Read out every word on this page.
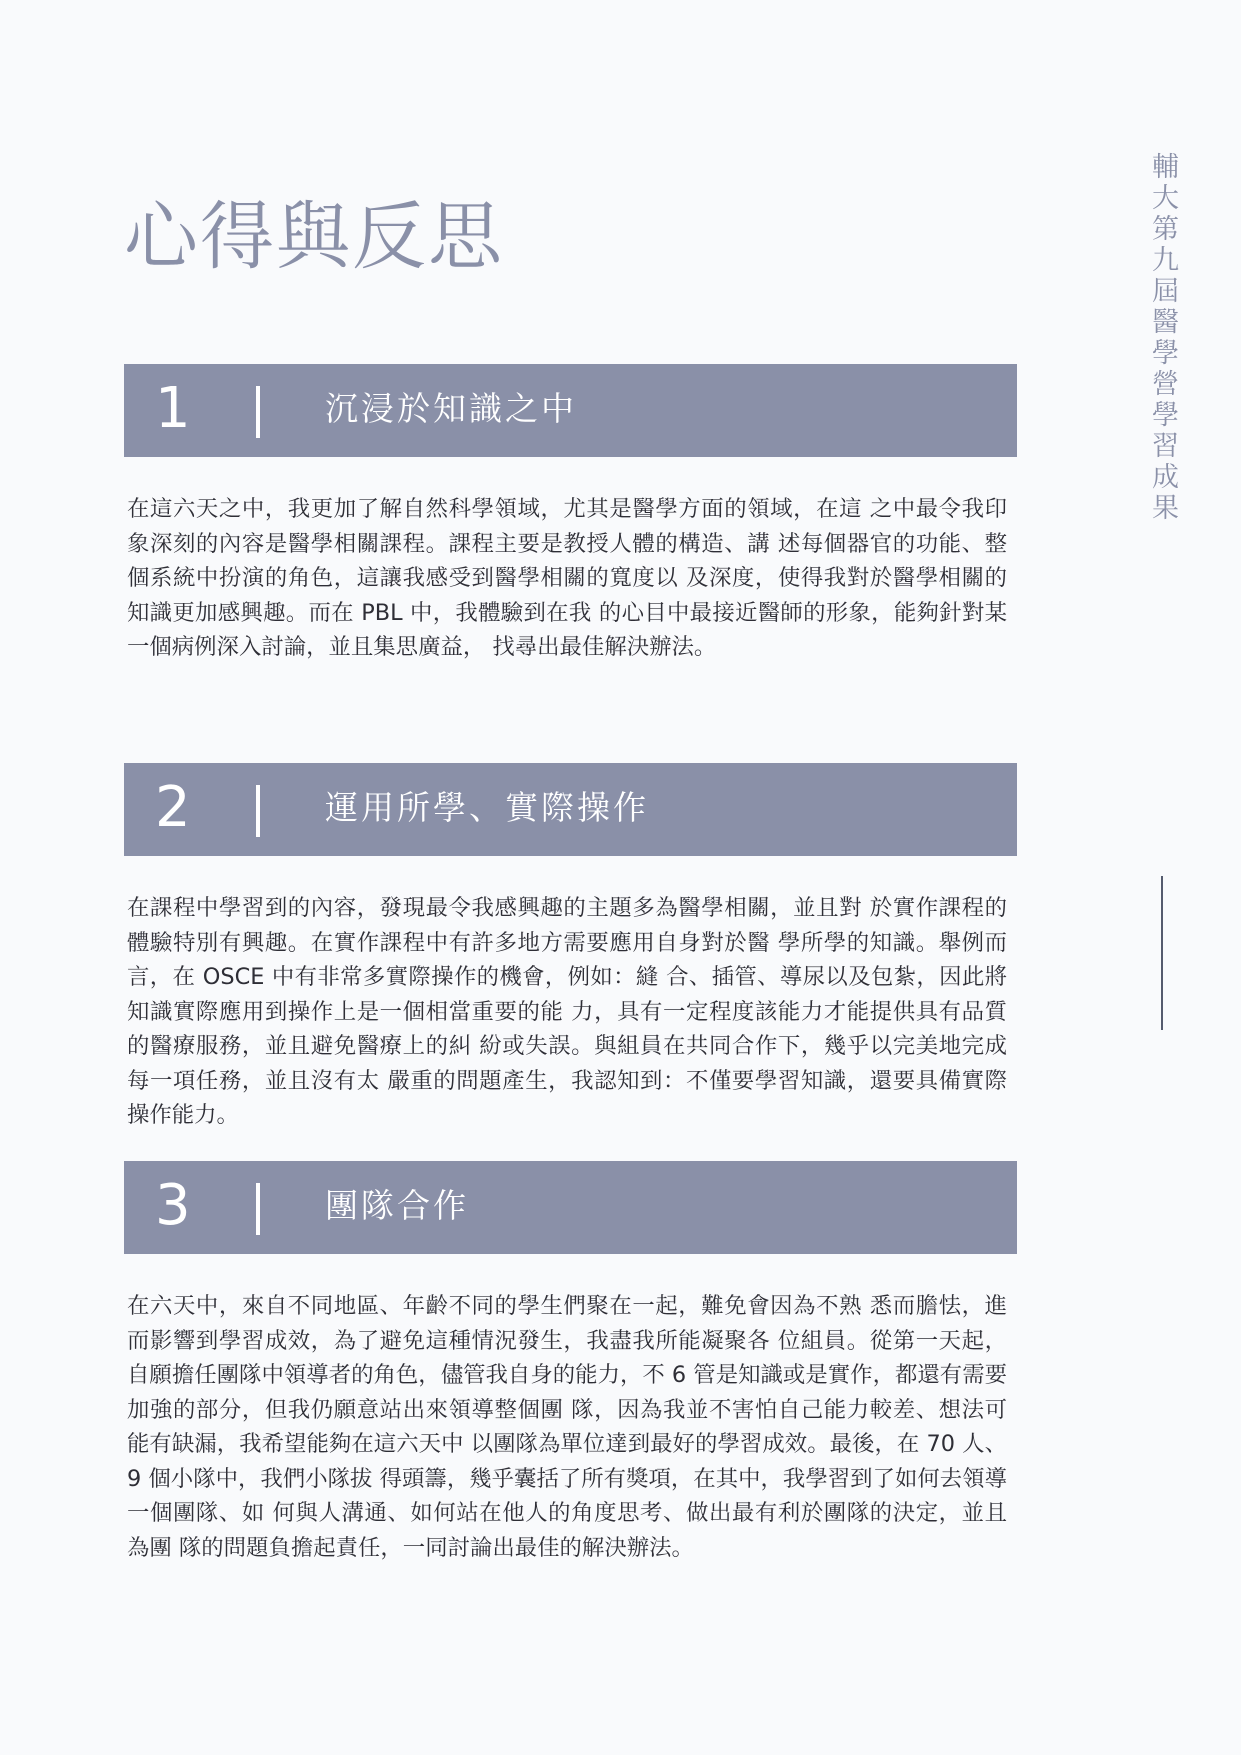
心得與反思	輔大第九屆醫學營學習成果
1	沉浸於知識之中

在這六天之中，我更加了解自然科學領域，尤其是醫學方面的領域，在這 之中最令我印象深刻的內容是醫學相關課程。課程主要是教授人體的構造、講 述每個器官的功能、整個系統中扮演的角色，這讓我感受到醫學相關的寬度以 及深度，使得我對於醫學相關的知識更加感興趣。而在 PBL 中，我體驗到在我 的心目中最接近醫師的形象，能夠針對某一個病例深入討論，並且集思廣益， 找尋出最佳解決辦法。

2	運用所學、實際操作

在課程中學習到的內容，發現最令我感興趣的主題多為醫學相關，並且對 於實作課程的體驗特別有興趣。在實作課程中有許多地方需要應用自身對於醫 學所學的知識。舉例而言，在 OSCE 中有非常多實際操作的機會，例如：縫 合、插管、導尿以及包紮，因此將知識實際應用到操作上是一個相當重要的能 力，具有一定程度該能力才能提供具有品質的醫療服務，並且避免醫療上的糾 紛或失誤。與組員在共同合作下，幾乎以完美地完成每一項任務，並且沒有太 嚴重的問題產生，我認知到：不僅要學習知識，還要具備實際操作能力。

3	團隊合作

在六天中，來自不同地區、年齡不同的學生們聚在一起，難免會因為不熟 悉而膽怯，進而影響到學習成效，為了避免這種情況發生，我盡我所能凝聚各 位組員。從第一天起，自願擔任團隊中領導者的角色，儘管我自身的能力，不 6 管是知識或是實作，都還有需要加強的部分，但我仍願意站出來領導整個團 隊，因為我並不害怕自己能力較差、想法可能有缺漏，我希望能夠在這六天中 以團隊為單位達到最好的學習成效。最後，在 70 人、9 個小隊中，我們小隊拔 得頭籌，幾乎囊括了所有獎項，在其中，我學習到了如何去領導一個團隊、如 何與人溝通、如何站在他人的角度思考、做出最有利於團隊的決定，並且為團 隊的問題負擔起責任，一同討論出最佳的解決辦法。
